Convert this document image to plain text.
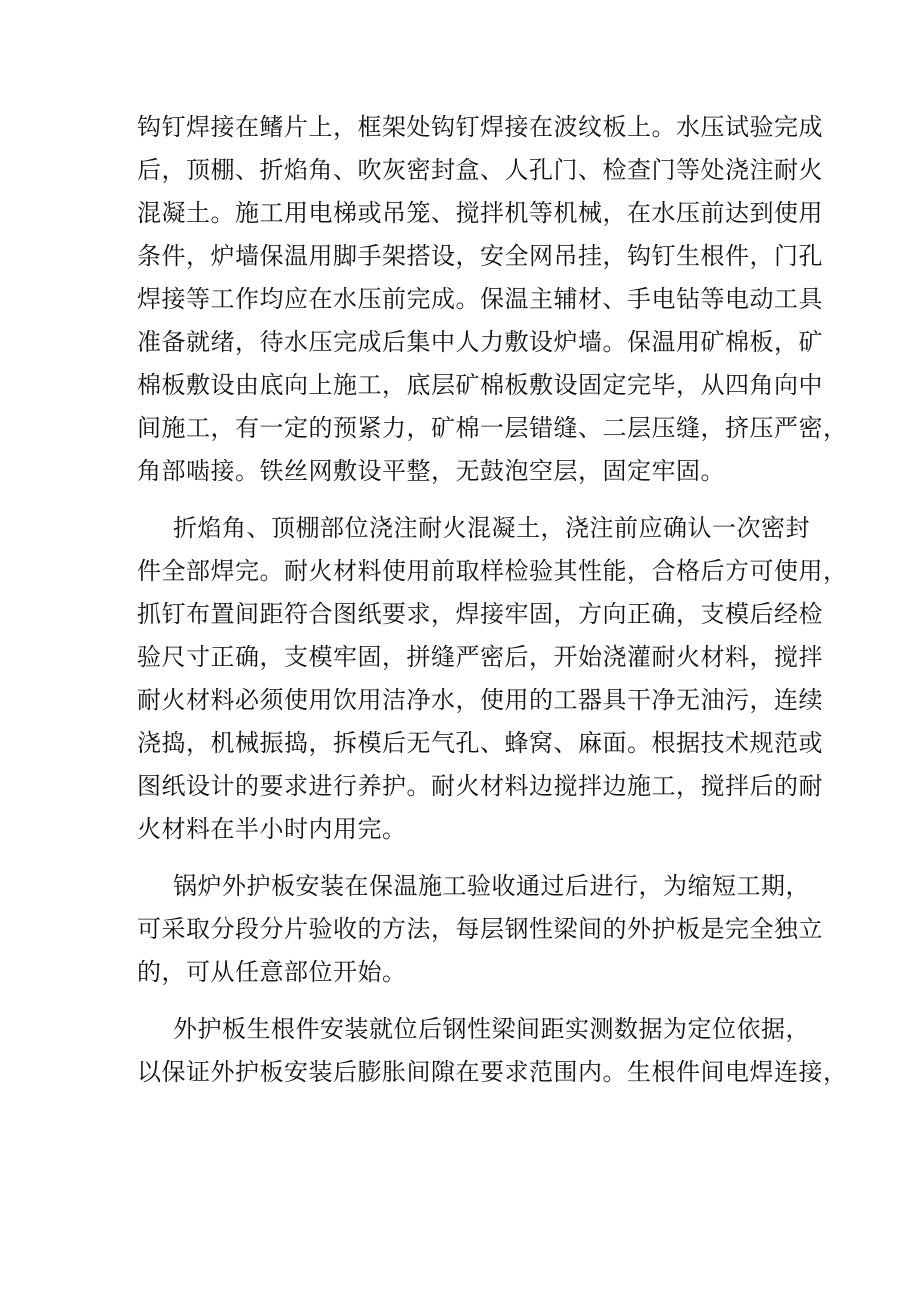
钩钉焊接在鳍片上，框架处钩钉焊接在波纹板上。水压试验完成
后，顶棚、折焰角、吹灰密封盒、人孔门、检查门等处浇注耐火
混凝土。施工用电梯或吊笼、搅拌机等机械，在水压前达到使用
条件，炉墙保温用脚手架搭设，安全网吊挂，钩钉生根件，门孔
焊接等工作均应在水压前完成。保温主辅材、手电钻等电动工具
准备就绪，待水压完成后集中人力敷设炉墙。保温用矿棉板，矿
棉板敷设由底向上施工，底层矿棉板敷设固定完毕，从四角向中
间施工，有一定的预紧力，矿棉一层错缝、二层压缝，挤压严密，
角部啮接。铁丝网敷设平整，无鼓泡空层，固定牢固。
折焰角、顶棚部位浇注耐火混凝土，浇注前应确认一次密封
件全部焊完。耐火材料使用前取样检验其性能，合格后方可使用，
抓钉布置间距符合图纸要求，焊接牢固，方向正确，支模后经检
验尺寸正确，支模牢固，拼缝严密后，开始浇灌耐火材料，搅拌
耐火材料必须使用饮用洁净水，使用的工器具干净无油污，连续
浇捣，机械振捣，拆模后无气孔、蜂窝、麻面。根据技术规范或
图纸设计的要求进行养护。耐火材料边搅拌边施工，搅拌后的耐
火材料在半小时内用完。
锅炉外护板安装在保温施工验收通过后进行，为缩短工期，
可采取分段分片验收的方法，每层钢性梁间的外护板是完全独立
的，可从任意部位开始。
外护板生根件安装就位后钢性梁间距实测数据为定位依据，
以保证外护板安装后膨胀间隙在要求范围内。生根件间电焊连接，
